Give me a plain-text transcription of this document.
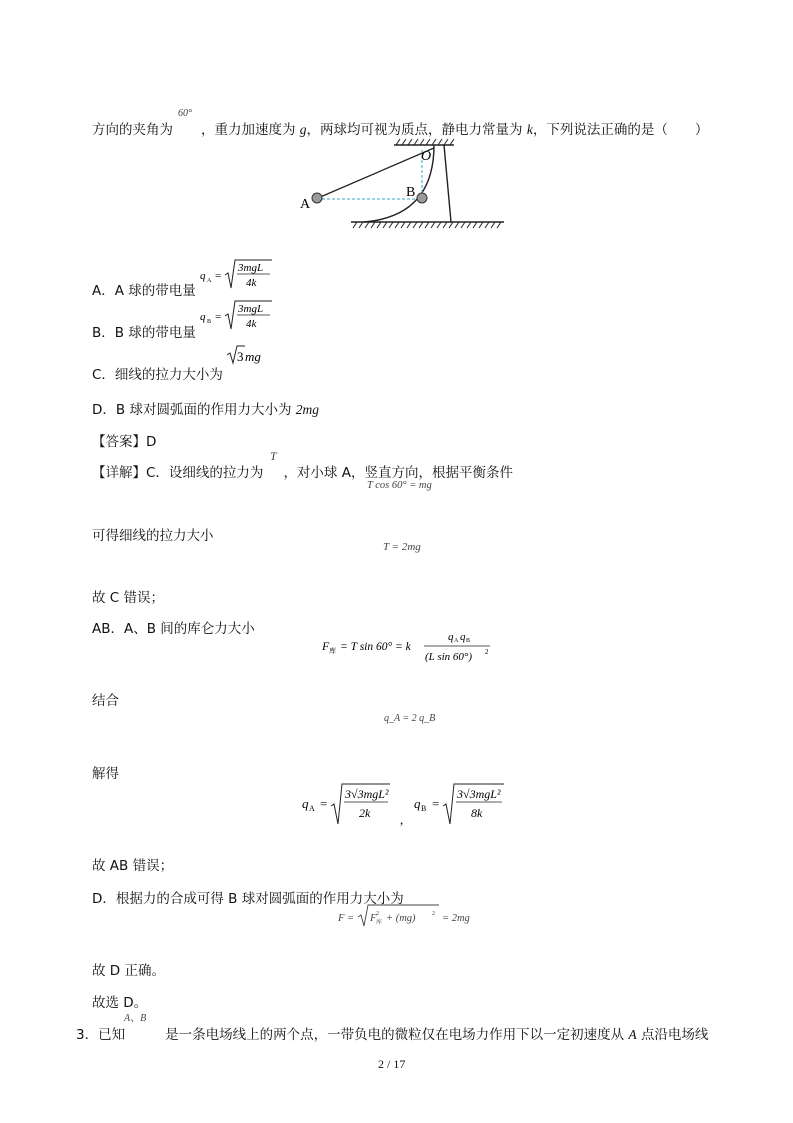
60°
方向的夹角为 ，重力加速度为 g，两球均可视为质点，静电力常量为 k，下列说法正确的是（　　）
O
A
B
A．A 球的带电量
q A =
3mgL
4k
B．B 球的带电量
q B =
3mgL
4k
C．细线的拉力大小为
3 mg
D．B 球对圆弧面的作用力大小为 2mg
【答案】D
T
【详解】C．设细线的拉力为 ，对小球 A，竖直方向，根据平衡条件
T cos 60° = mg
可得细线的拉力大小
T = 2mg
故 C 错误；
AB．A、B 间的库仑力大小
F 库 = T sin 60° = k
q A q B
(L sin 60°) 2
结合
q_A = 2 q_B
解得
q A =
3√3mgL²
2k ,
q B =
3√3mgL²
8k
故 AB 错误；
D．根据力的合成可得 B 球对圆弧面的作用力大小为
F = F 库
2 + (mg)	2 = 2mg
故 D 正确。
故选 D。
A、B
3．已知	是一条电场线上的两个点，一带负电的微粒仅在电场力作用下以一定初速度从 A 点沿电场线
2 / 17
